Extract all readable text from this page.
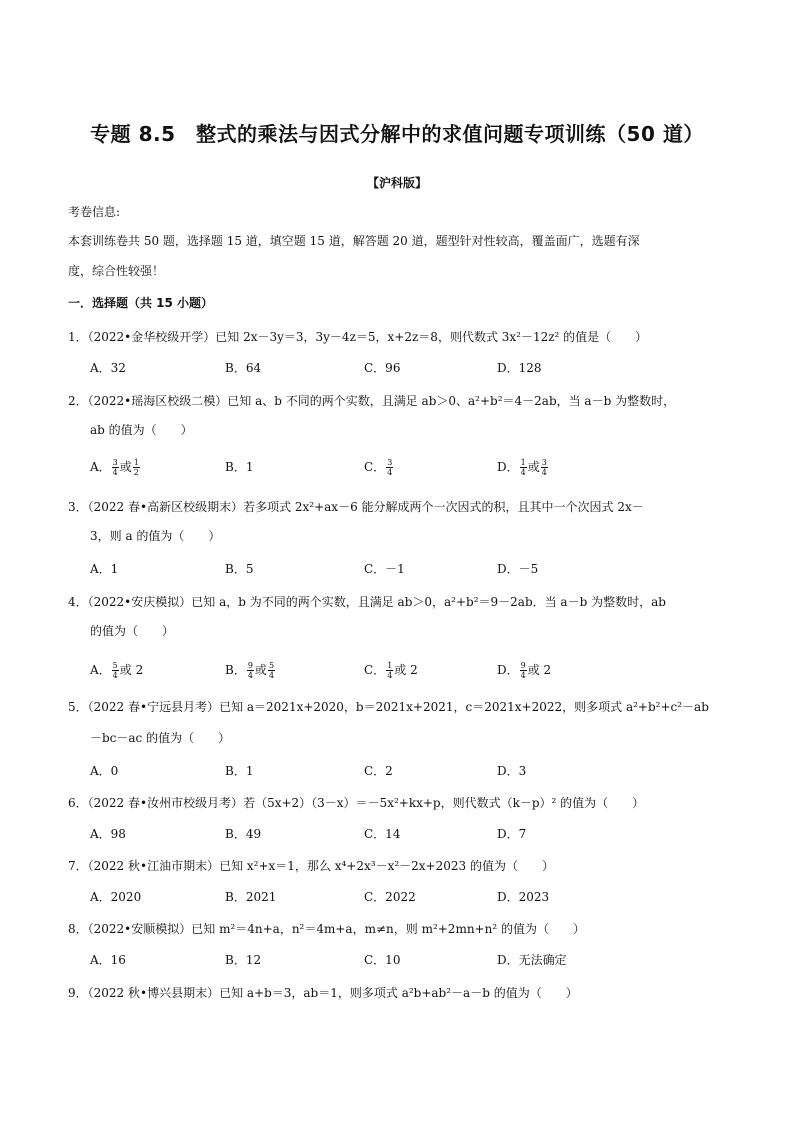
专题 8.5　整式的乘法与因式分解中的求值问题专项训练（50 道）
【沪科版】
考卷信息:
本套训练卷共 50 题，选择题 15 道，填空题 15 道，解答题 20 道，题型针对性较高，覆盖面广，选题有深
度，综合性较强！
一．选择题（共 15 小题）
1．（2022•金华校级开学）已知 2x－3y＝3，3y－4z＝5，x+2z＝8，则代数式 3x²－12z² 的值是（　　）
A．32	B．64	C．96	D．128
2．（2022•瑶海区校级二模）已知 a、b 不同的两个实数，且满足 ab＞0、a²+b²＝4－2ab，当 a－b 为整数时，
ab 的值为（　　）
A． $\frac{3}{4}$ 或 $\frac{1}{2}$	B．1	C． $\frac{3}{4}$	D． $\frac{1}{4}$ 或 $\frac{3}{4}$
3．（2022 春•高新区校级期末）若多项式 2x²+ax－6 能分解成两个一次因式的积，且其中一个次因式 2x－
3，则 a 的值为（　　）
A．1	B．5	C．－1	D．－5
4．（2022•安庆模拟）已知 a，b 为不同的两个实数，且满足 ab＞0，a²+b²＝9－2ab．当 a－b 为整数时，ab
的值为（　　）
A． $\frac{5}{4}$ 或 2	B． $\frac{9}{4}$ 或 $\frac{5}{4}$	C． $\frac{1}{4}$ 或 2	D． $\frac{9}{4}$ 或 2
5．（2022 春•宁远县月考）已知 a＝2021x+2020，b＝2021x+2021，c＝2021x+2022，则多项式 a²+b²+c²－ab
－bc－ac 的值为（　　）
A．0	B．1	C．2	D．3
6．（2022 春•汝州市校级月考）若（5x+2）（3－x）＝－5x²+kx+p，则代数式（k－p）² 的值为（　　）
A．98	B．49	C．14	D．7
7．（2022 秋•江油市期末）已知 x²+x＝1，那么 x⁴+2x³－x²－2x+2023 的值为（　　）
A．2020	B．2021	C．2022	D．2023
8．（2022•安顺模拟）已知 m²＝4n+a，n²＝4m+a，m≠n，则 m²+2mn+n² 的值为（　　）
A．16	B．12	C．10	D．无法确定
9．（2022 秋•博兴县期末）已知 a+b＝3，ab＝1，则多项式 a²b+ab²－a－b 的值为（　　）
